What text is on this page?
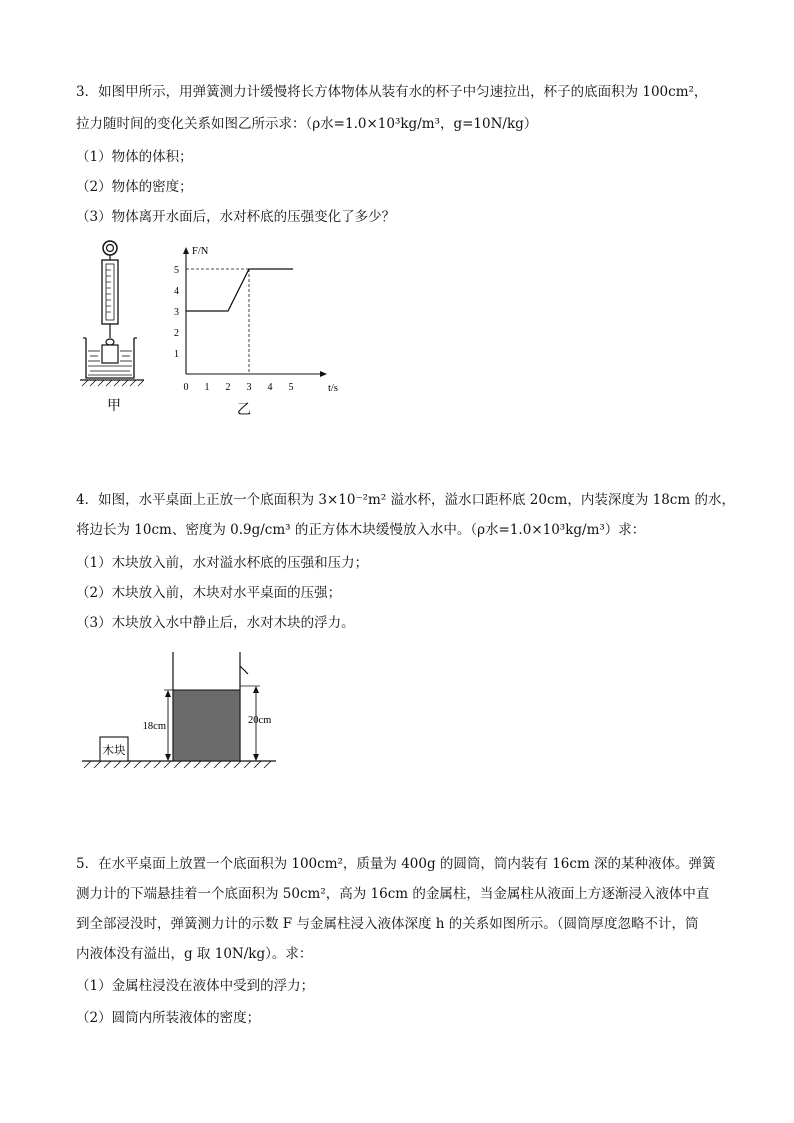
3．如图甲所示，用弹簧测力计缓慢将长方体物体从装有水的杯子中匀速拉出，杯子的底面积为 100cm²，
拉力随时间的变化关系如图乙所示求：（ρ水=1.0×10³kg/m³，g=10N/kg）
（1）物体的体积；
（2）物体的密度；
（3）物体离开水面后，水对杯底的压强变化了多少？
甲
F/N
t/s
0 1 2 3 4 5
1
2
3
4
5
乙
4．如图，水平桌面上正放一个底面积为 3×10⁻²m² 溢水杯，溢水口距杯底 20cm，内装深度为 18cm 的水，
将边长为 10cm、密度为 0.9g/cm³ 的正方体木块缓慢放入水中。（ρ水=1.0×10³kg/m³）求：
（1）木块放入前，水对溢水杯底的压强和压力；
（2）木块放入前，木块对水平桌面的压强；
（3）木块放入水中静止后，水对木块的浮力。
木块
18cm
20cm
5．在水平桌面上放置一个底面积为 100cm²，质量为 400g 的圆筒，筒内装有 16cm 深的某种液体。弹簧
测力计的下端悬挂着一个底面积为 50cm²，高为 16cm 的金属柱，当金属柱从液面上方逐渐浸入液体中直
到全部浸没时，弹簧测力计的示数 F 与金属柱浸入液体深度 h 的关系如图所示。（圆筒厚度忽略不计，筒
内液体没有溢出，g 取 10N/kg）。求：
（1）金属柱浸没在液体中受到的浮力；
（2）圆筒内所装液体的密度；
